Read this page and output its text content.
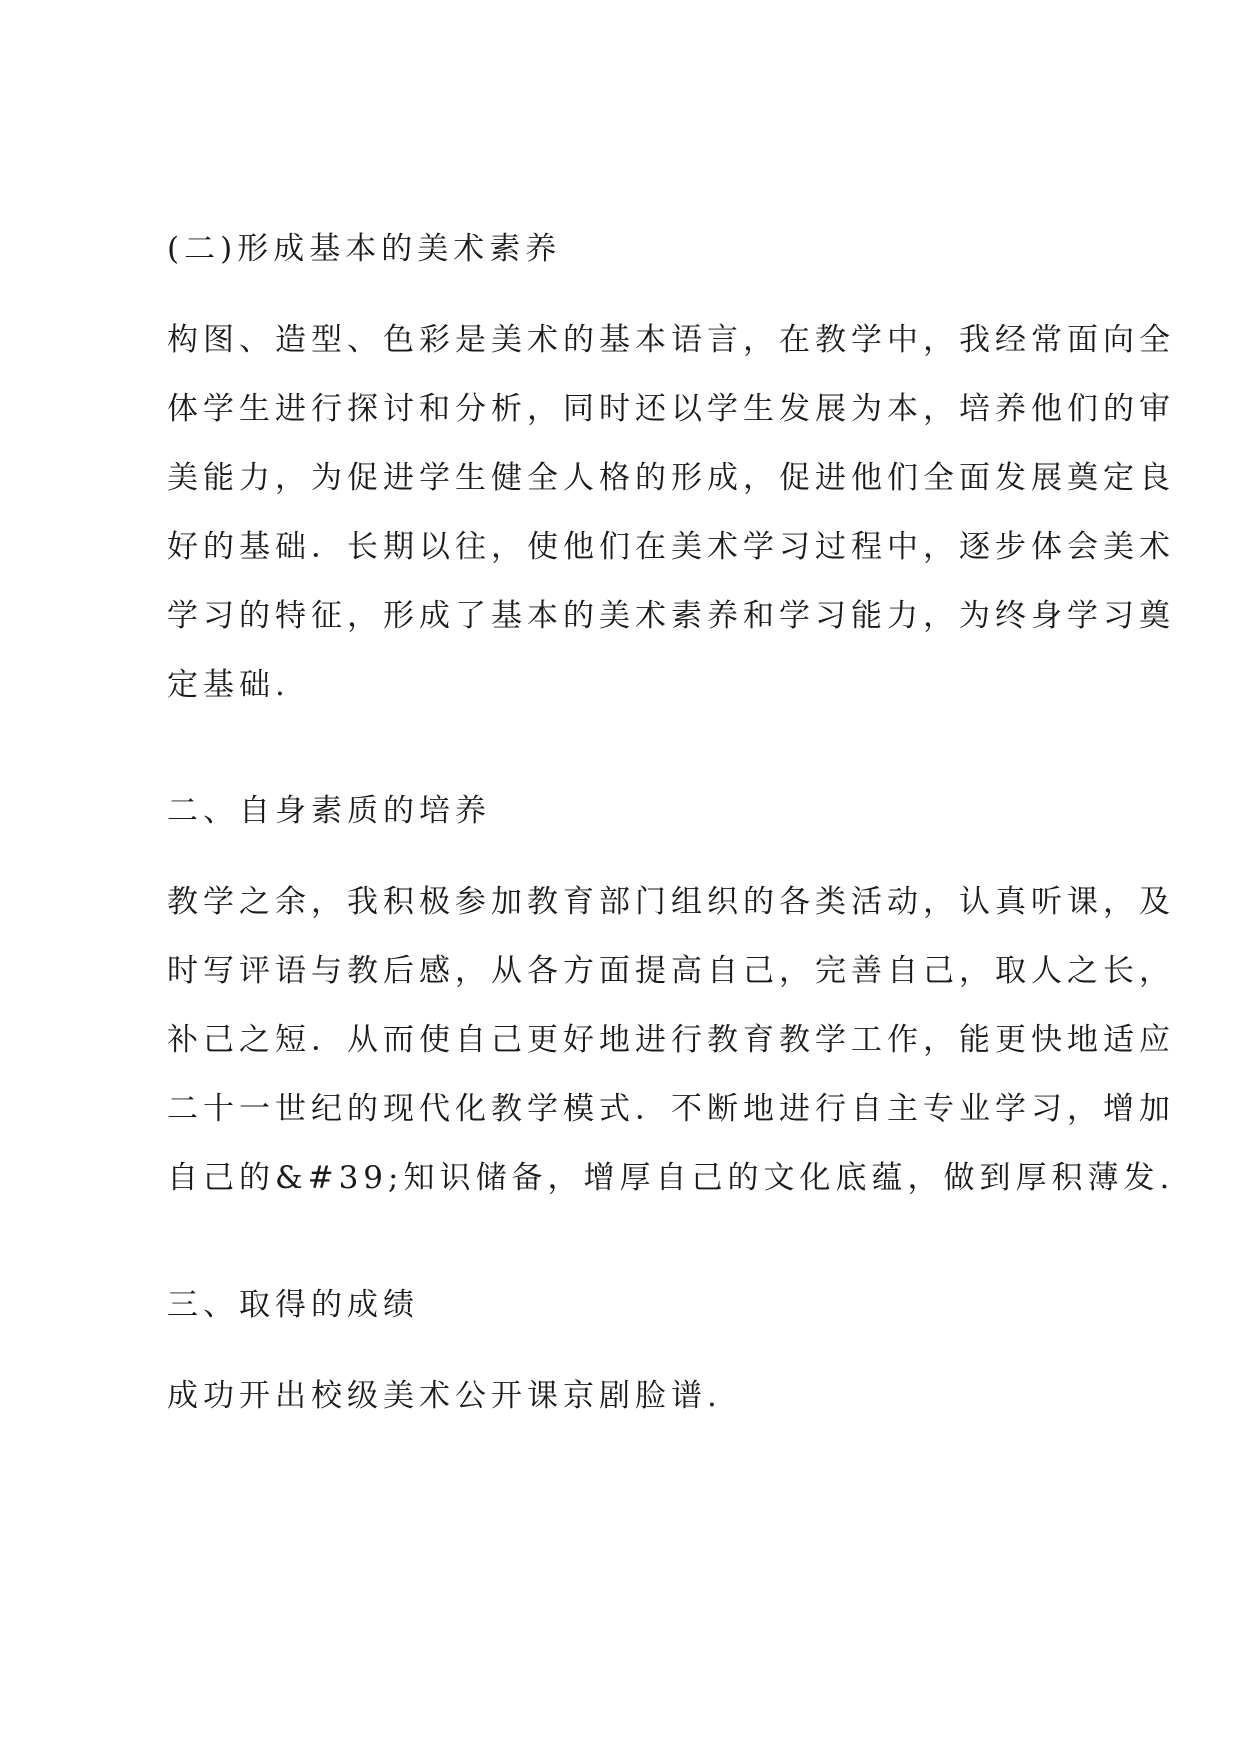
(二)形成基本的美术素养
构图、造型、色彩是美术的基本语言，在教学中，我经常面向全
体学生进行探讨和分析，同时还以学生发展为本，培养他们的审
美能力，为促进学生健全人格的形成，促进他们全面发展奠定良
好的基础．长期以往，使他们在美术学习过程中，逐步体会美术
学习的特征，形成了基本的美术素养和学习能力，为终身学习奠
定基础.
二、自身素质的培养
教学之余，我积极参加教育部门组织的各类活动，认真听课，及
时写评语与教后感，从各方面提高自己，完善自己，取人之长，
补己之短．从而使自己更好地进行教育教学工作，能更快地适应
二十一世纪的现代化教学模式．不断地进行自主专业学习，增加
自己的&#39;知识储备，增厚自己的文化底蕴，做到厚积薄发.
三、取得的成绩
成功开出校级美术公开课京剧脸谱.
